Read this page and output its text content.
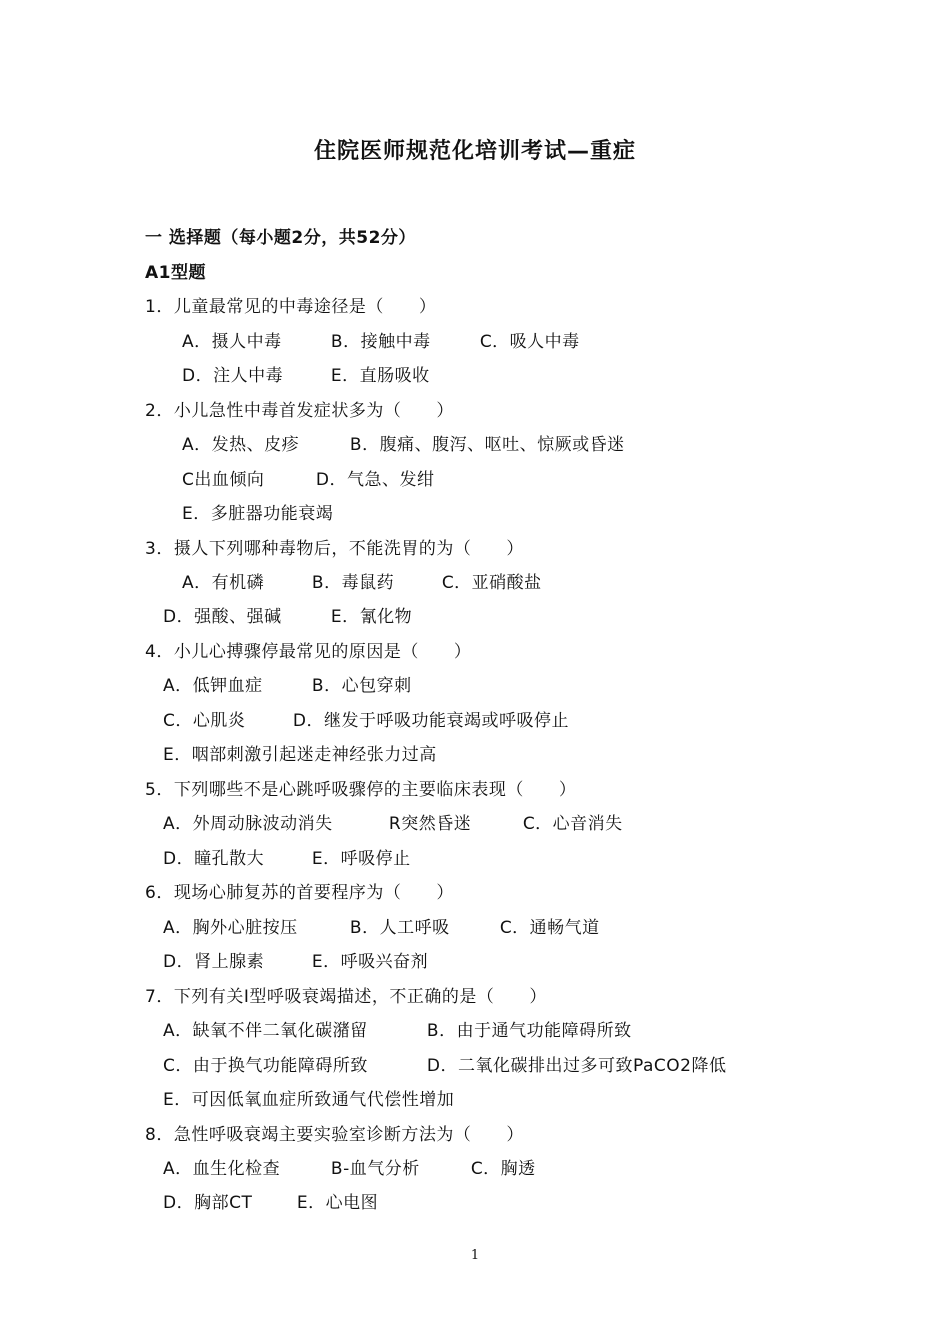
住院医师规范化培训考试—重症
一 选择题（每小题2分，共52分）
A1型题
1．儿童最常见的中毒途径是（　　）
A．摄人中毒	B．接触中毒	C．吸人中毒
D．注人中毒	E．直肠吸收
2．小儿急性中毒首发症状多为（　　）
A．发热、皮疹	B．腹痛、腹泻、呕吐、惊厥或昏迷
C出血倾向	D．气急、发绀
E．多脏器功能衰竭
3．摄人下列哪种毒物后，不能洗胃的为（　　）
A．有机磷	B．毒鼠药	C．亚硝酸盐
D．强酸、强碱	E．氰化物
4．小儿心搏骤停最常见的原因是（　　）
A．低钾血症	B．心包穿刺
C．心肌炎	D．继发于呼吸功能衰竭或呼吸停止
E．咽部刺激引起迷走神经张力过高
5．下列哪些不是心跳呼吸骤停的主要临床表现（　　）
A．外周动脉波动消失	R突然昏迷	C．心音消失
D．瞳孔散大	E．呼吸停止
6．现场心肺复苏的首要程序为（　　）
A．胸外心脏按压	B．人工呼吸	C．通畅气道
D．肾上腺素	E．呼吸兴奋剂
7．下列有关Ⅰ型呼吸衰竭描述，不正确的是（　　）
A．缺氧不伴二氧化碳潴留	B．由于通气功能障碍所致
C．由于换气功能障碍所致	D．二氧化碳排出过多可致PaCO2降低
E．可因低氧血症所致通气代偿性增加
8．急性呼吸衰竭主要实验室诊断方法为（　　）
A．血生化检查	B-血气分析	C．胸透
D．胸部CT	E．心电图
1
